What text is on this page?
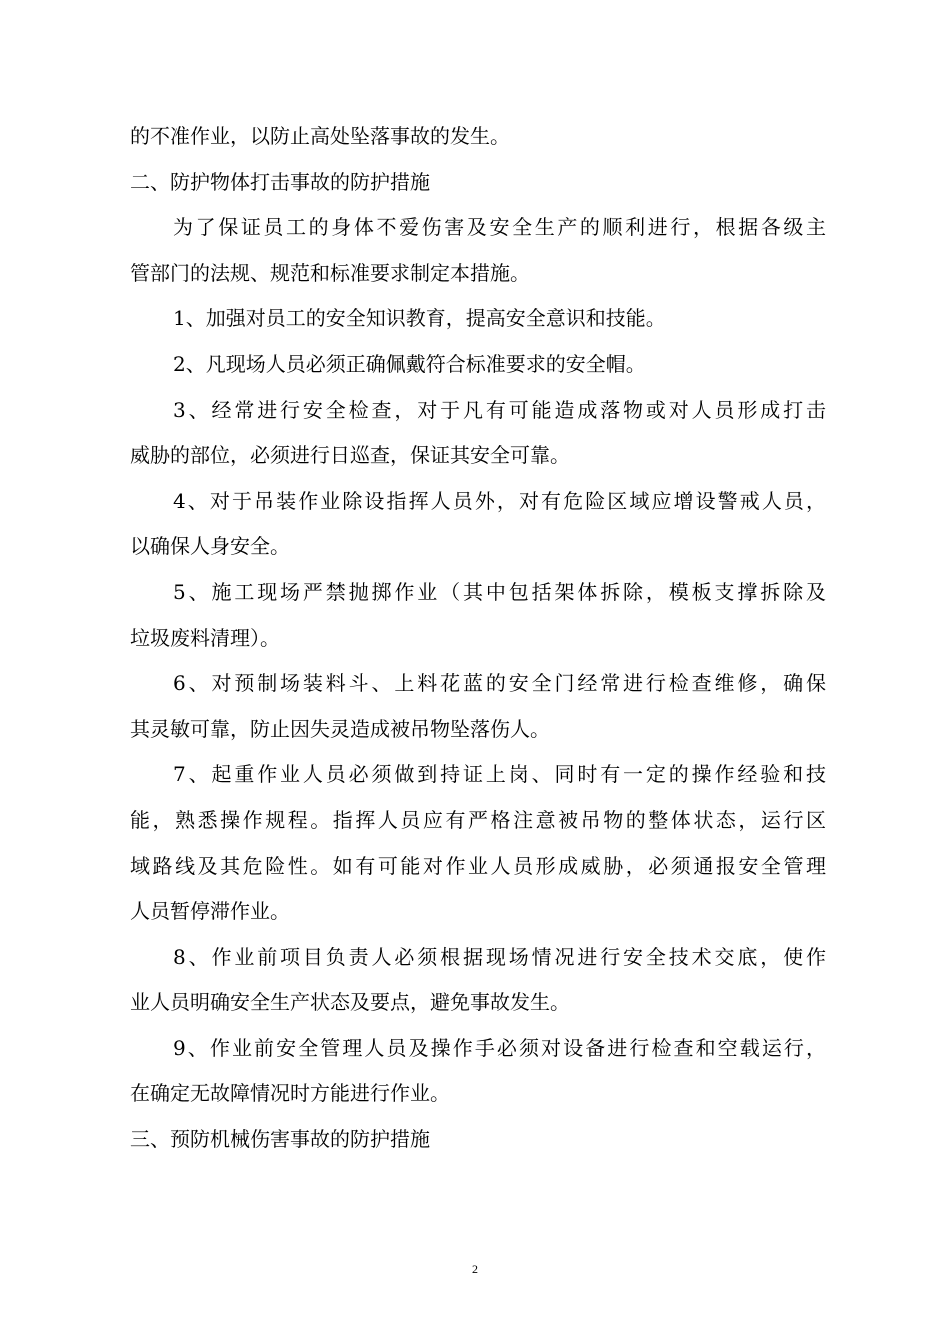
的不准作业，以防止高处坠落事故的发生。
二、防护物体打击事故的防护措施
为了保证员工的身体不爱伤害及安全生产的顺利进行，根据各级主
管部门的法规、规范和标准要求制定本措施。
1、加强对员工的安全知识教育，提高安全意识和技能。
2、凡现场人员必须正确佩戴符合标准要求的安全帽。
3、经常进行安全检查，对于凡有可能造成落物或对人员形成打击
威胁的部位，必须进行日巡查，保证其安全可靠。
4、对于吊装作业除设指挥人员外，对有危险区域应增设警戒人员，
以确保人身安全。
5、施工现场严禁抛掷作业（其中包括架体拆除，模板支撑拆除及
垃圾废料清理）。
6、对预制场装料斗、上料花蓝的安全门经常进行检查维修，确保
其灵敏可靠，防止因失灵造成被吊物坠落伤人。
7、起重作业人员必须做到持证上岗、同时有一定的操作经验和技
能，熟悉操作规程。指挥人员应有严格注意被吊物的整体状态，运行区
域路线及其危险性。如有可能对作业人员形成威胁，必须通报安全管理
人员暂停滞作业。
8、作业前项目负责人必须根据现场情况进行安全技术交底，使作
业人员明确安全生产状态及要点，避免事故发生。
9、作业前安全管理人员及操作手必须对设备进行检查和空载运行，
在确定无故障情况时方能进行作业。
三、预防机械伤害事故的防护措施
2
